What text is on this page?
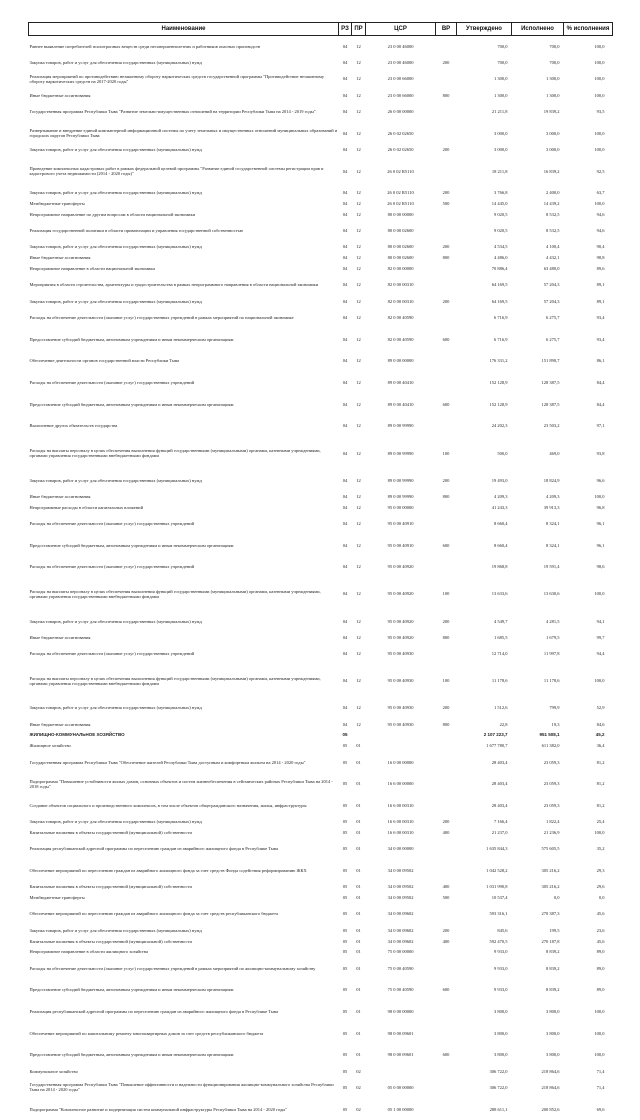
Наименование	РЗ	ПР	ЦСР	ВР	Утверждено	Исполнено	% исполнения
Раннее выявление потребителей психотропных веществ среди несовершеннолетних и работников опасных производств	04	12	23 0 00 46000		700,0	700,0	100,0
Закупка товаров, работ и услуг для обеспечения государственных (муниципальных) нужд	04	12	23 0 00 46000	200	700,0	700,0	100,0
Реализация мероприятий по противодействию незаконному обороту наркотических средств государственной программы "Противодействие незаконному обороту наркотических средств на 2017-2020 годы"	04	12	23 0 00 66000		1 300,0	1 300,0	100,0
Иные бюджетные ассигнования	04	12	23 0 00 66000	800	1 300,0	1 300,0	100,0
Государственная программа Республики Тыва "Развитие земельно-имущественных отношений на территории Республики Тыва на 2014 - 2019 годы"	04	12	26 0 00 00000		21 211,8	19 839,2	93,5
Развертывание и внедрение единой компьютерной информационной системы по учету земельных и имущественных отношений муниципальных образований и городских округов Республики Тыва	04	12	26 0 02 02650		3 000,0	3 000,0	100,0
Закупка товаров, работ и услуг для обеспечения государственных (муниципальных) нужд	04	12	26 0 02 02650	200	3 000,0	3 000,0	100,0
Проведение комплексных кадастровых работ в рамках федеральной целевой программы "Развитие единой государственной системы регистрации прав и кадастрового учета недвижимости (2014 - 2020 годы)"	04	12	26 0 02 R5110		18 211,8	16 839,2	92,5
Закупка товаров, работ и услуг для обеспечения государственных (муниципальных) нужд	04	12	26 0 02 R5110	200	3 766,8	2 400,0	63,7
Межбюджетные трансферты	04	12	26 0 02 R5110	500	14 445,0	14 439,2	100,0
Непрограммное направление по другим вопросам в области национальной экономики	04	12	80 0 00 00000		9 020,5	8 532,5	94,6
Реализация государственной политики в области приватизации и управления государственной собственностью	04	12	80 0 00 02600		9 020,5	8 532,5	94,6
Закупка товаров, работ и услуг для обеспечения государственных (муниципальных) нужд	04	12	80 0 00 02600	200	4 534,5	4 100,4	90,4
Иные бюджетные ассигнования	04	12	80 0 00 02600	800	4 486,0	4 432,1	98,8
Непрограммное направление в области национальной экономики	04	12	82 0 00 00000		70 886,4	63 480,0	89,6
Мероприятия в области строительства, архитектуры и градостроительства в рамках непрограммного направления в области национальной экономики	04	12	82 0 00 00310		64 169,5	57 204,3	89,1
Закупка товаров, работ и услуг для обеспечения государственных (муниципальных) нужд	04	12	82 0 00 00310	200	64 169,5	57 204,3	89,1
Расходы на обеспечение деятельности (оказание услуг) государственных учреждений в рамках мероприятий по национальной экономике	04	12	82 0 00 40590		6 716,9	6 275,7	93,4
Предоставление субсидий бюджетным, автономным учреждениям и иным некоммерческим организациям	04	12	82 0 00 40590	600	6 716,9	6 275,7	93,4
Обеспечение деятельности органов государственной власти Республики Тыва	04	12	89 0 00 00000		176 331,2	151 890,7	86,1
Расходы на обеспечение деятельности (оказание услуг) государственных учреждений	04	12	89 0 00 40410		152 128,9	128 387,5	84,4
Предоставление субсидий бюджетным, автономным учреждениям и иным некоммерческим организациям	04	12	89 0 00 40410	600	152 128,9	128 387,5	84,4
Выполнение других обязательств государства	04	12	89 0 00 99990		24 202,3	23 503,2	97,1
Расходы на выплаты персоналу в целях обеспечения выполнения функций государственными (муниципальными) органами, казенными учреждениями, органами управления государственными внебюджетными фондами	04	12	89 0 00 99990	100	500,0	469,0	93,8
Закупка товаров, работ и услуг для обеспечения государственных (муниципальных) нужд	04	12	89 0 00 99990	200	19 493,0	18 824,9	96,6
Иные бюджетные ассигнования	04	12	89 0 00 99990	800	4 209,3	4 209,3	100,0
Непрограммные расходы в области капитальных вложений	04	12	95 0 00 00000		41 243,3	39 913,3	96,8
Расходы на обеспечение деятельности (оказание услуг) государственных учреждений	04	12	95 0 00 40910		8 660,4	8 324,1	96,1
Предоставление субсидий бюджетным, автономным учреждениям и иным некоммерческим организациям	04	12	95 0 00 40910	600	8 660,4	8 324,1	96,1
Расходы на обеспечение деятельности (оказание услуг) государственных учреждений	04	12	95 0 00 40920		19 868,8	19 591,4	98,6
Расходы на выплаты персоналу в целях обеспечения выполнения функций государственными (муниципальными) органами, казенными учреждениями, органами управления государственными внебюджетными фондами	04	12	95 0 00 40920	100	13 633,6	13 630,6	100,0
Закупка товаров, работ и услуг для обеспечения государственных (муниципальных) нужд	04	12	95 0 00 40920	200	4 549,7	4 281,5	94,1
Иные бюджетные ассигнования	04	12	95 0 00 40920	800	1 685,5	1 679,5	99,7
Расходы на обеспечение деятельности (оказание услуг) государственных учреждений	04	12	95 0 00 40930		12 714,0	11 997,8	94,4
Расходы на выплаты персоналу в целях обеспечения выполнения функций государственными (муниципальными) органами, казенными учреждениями, органами управления государственными внебюджетными фондами	04	12	95 0 00 40930	100	11 178,6	11 178,6	100,0
Закупка товаров, работ и услуг для обеспечения государственных (муниципальных) нужд	04	12	95 0 00 40930	200	1 512,6	799,9	52,9
Иные бюджетные ассигнования	04	12	95 0 00 40930	800	22,8	19,3	84,6
ЖИЛИЩНО-КОММУНАЛЬНОЕ ХОЗЯЙСТВО	05				2 107 223,7	951 508,1	45,2
Жилищное хозяйство	05	01			1 677 780,7	611 382,0	36,4
Государственная программа Республики Тыва "Обеспечение жителей Республики Тыва доступным и комфортным жильем на 2014 - 2020 годы"	05	01	16 0 00 00000		28 403,4	23 059,3	81,2
Подпрограмма "Повышение устойчивости жилых домов, основных объектов и систем жизнеобеспечения в сейсмических районах Республики Тыва на 2014 - 2018 годы"	05	01	16 6 00 00000		28 403,4	23 059,3	81,2
Создание объектов социального и производственного комплексов, в том числе объектов общегражданского назначения, жилья, инфраструктуры	05	01	16 6 00 00310		28 403,4	23 059,3	81,2
Закупка товаров, работ и услуг для обеспечения государственных (муниципальных) нужд	05	01	16 6 00 00310	200	7 166,4	1 822,4	25,4
Капитальные вложения в объекты государственной (муниципальной) собственности	05	01	16 6 00 00310	400	21 237,0	21 236,9	100,0
Реализация республиканской адресной программы по переселению граждан из аварийного жилищного фонда в Республике Тыва	05	01	34 0 00 00000		1 635 844,3	575 605,5	35,2
Обеспечение мероприятий по переселению граждан из аварийного жилищного фонда за счет средств Фонда содействия реформированию ЖКХ	05	01	34 0 00 09502		1 042 528,2	305 216,2	29,3
Капитальные вложения в объекты государственной (муниципальной) собственности	05	01	34 0 00 09502	400	1 031 990,8	305 216,2	29,6
Межбюджетные трансферты	05	01	34 0 00 09502	500	10 537,4	0,0	0,0
Обеспечение мероприятий по переселению граждан из аварийного жилищного фонда за счет средств республиканского бюджета	05	01	34 0 00 09602		593 316,1	270 387,3	45,6
Закупка товаров, работ и услуг для обеспечения государственных (муниципальных) нужд	05	01	34 0 00 09602	200	845,6	199,5	23,6
Капитальные вложения в объекты государственной (муниципальной) собственности	05	01	34 0 00 09602	400	592 470,5	270 187,8	45,6
Непрограммное направление в области жилищного хозяйства	05	01	75 0 00 00000		9 933,0	8 839,2	89,0
Расходы на обеспечение деятельности (оказание услуг) государственных учреждений в рамках мероприятий по жилищно-коммунальному хозяйству	05	01	75 0 00 40590		9 933,0	8 839,2	89,0
Предоставление субсидий бюджетным, автономным учреждениям и иным некоммерческим организациям	05	01	75 0 00 40590	600	9 933,0	8 839,2	89,0
Реализация республиканской адресной программы по переселению граждан из аварийного жилищного фонда в Республике Тыва	05	01	98 0 00 00000		3 800,0	3 800,0	100,0
Обеспечение мероприятий по капитальному ремонту многоквартирных домов за счет средств республиканского бюджета	05	01	98 0 00 09601		3 800,0	3 800,0	100,0
Предоставление субсидий бюджетным, автономным учреждениям и иным некоммерческим организациям	05	01	98 0 00 09601	600	3 800,0	3 800,0	100,0
Коммунальное хозяйство	05	02			306 722,0	218 864,6	71,4
Государственная программа Республики Тыва "Повышение эффективности и надежности функционирования жилищно-коммунального хозяйства Республики Тыва на 2014 - 2020 годы"	05	02	05 0 00 00000		306 722,0	218 864,6	71,4
Подпрограмма "Комплексное развитие и модернизация систем коммунальной инфраструктуры Республики Тыва на 2014 - 2020 годы"	05	02	05 1 00 00000		288 611,1	200 852,6	69,6
